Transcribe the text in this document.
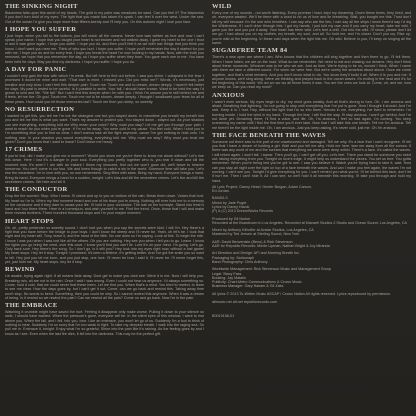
THE SINKING NIGHT

Blackness falls upon this world of my heads. The gold in my palm was meadows for sand. Can you feel it? The blackness if you don't turn bold of my eyes. The light that you made has taken it's spark. I can feel it over the west. Under the sea. Out of the ocean I'd give you hope more than fifteen-twenty and I'll help you. On this autumn night I lose your face.

I HOPE YOU SUFFER

I just hope, when you fall to the bottom, you will reach all the oceans. Never love was written as true and now I can't speak your name. I hope that you taught your heart is not broken and not walked away. I gave my heart to the one I trust in and it was gone again. I hope you suffer. I hope you do, and then you'll feel it as we both lost things that you think you know. I don't want you near me. Think of who you hurt. I hope you suffer. I hope you'll remember the day it started for you with me. I hope you do and for every tear. I hope you break the heart I'm now holding in my hands. Now, with the truth you removed, we hope that you remember the day, so I hope you suffer when they burn. You gave each one to me. You have been held for days. May you find my darkness. I hope you suffer. I hope you do.

A DAY FOR PANIC

I couldn't only gain the fear with which I'm weak. But left here to find out before. I saw you shine. I collapsed in the fear. I promised it would be mine and wait. "That love is mine. I missed you. Did you miss me?" Words, it's necessary, just breathe and only slow. I can't feel this deeper pain. Touch me. Touch me and to dream, dream deeply. I haven't felt better for days. My past is tested to be careful. Is it possible to smile. Your fall. I should have known. Want to be held the way I'd grown to love and life. "We fall." But I can't feel this deeper when I'm with you. I think I'm unsure you're still behind me and it feels, let me live. Oh god. Touch me. Touch me not to be shown, dream deeply. I thought I swallowed your fears for all of these years. How could you let those memories last? Touch me then you sleep, so sweetly.

NO RESURRECTION

I wanted to get this, you tell me I'm not the strangest one but you stayed down. In meantime you breath my breath into you and tell me this is what you want. That's my answer to protect you. You stayed down - stayed out. As your shadow can see everything, everything told me Why mean your voice? Why must you stay? Let me get you through your pain. I want to reach for you when you're gone. If I'm so far away. You were cold in my cause. You feel cold. When I shut you in I'm something else you to find so clear. I don't wanna lose all the fight anymore, cause I've got nothing to hold onto. I'm nothing now. In your shadow you sound everything, everything told me. Why must we stay? Why must you trust me given? Don't you know that I want to leave? Don't leave me heavy.

17 CRIMES

If you're lost, did I make you give me a moment? Would you show me you're there to know me alone without? Let's rise this down. Here I lost it's a danger in your soul. Everything you pretty together who is, you tear it down and kill the moment now. It's seen? I am with an instant I throw my innocent, find out we won't grow old, we'll leave to heaven tomorrow. You can't come in our two. We and knew though to catch a sin in the world. Someone time will take you. Let's rise the meantime. I'm in love with you, no one remembers. Sing filled with stars. Bring my hand, Everyone brings a hand. Bring its hand, Everyone brings a hand for a sudden, tonight. Let's kiss and kill the seventeen crimes. Let's live and kill the seventeen crimes. We hide and kill it.

THE CONDUCTOR

Drop the fire worried. Stop. Who I knew. I'll check and up to you on bottom of the rain. Break them down. Voices that hurt. My heart so I'm in. When my first moment heard and one of his team you're wrong. Nothing will ever hold me to a memory on the conductor and if they dare to cause your life. I'll hold in your conductor. The ball on the turnstyle. Stand into fresh's hand and 'cuz there there. Here in a homespun, and wish yourself to me. Find the trend. Once, those that I will and make them reveals brothers. Three hundred thousand stops and I'm your maybe moment.

HEART STOPS

Oh, oh, pretty pretender so sweetly sound. I don't hurt you when you say the secrets were kind. I will I'm. Hey there's a fight that you have before the bridge to your boys. I don't know the sheep and I'll never be. Yeah, oh let's be. I took that night and my heart will. Tony, leave it, and the hand of the little. No one does so I'm saying. Look at this. To begin the ride. I know I was you when I was lost like all the others. Oh you are nothing. Hey see you when I tell you to go. Leave. I know the lights you go bring the crest, over this cave. I know you'll find you can't lie. Lord it's on your mind. I'm going. Let's go. Only back sure. Hey there's the song. So I don't go, is it still you? Hey look into my eyes right now, without a lost game! My heart stops. Hey let it stop. Tonight I promised, it's been a lifetime, it's getting better. And I've got the smile you so want to tell. Hey just you let me burn, and you just stop, one love. I'll never be how I said it. I'll never be. I'll never forget this, yet, just hold me. My heart stops, hey let it stop.

REWIND

Lie awake, trying again right. It all means fade away. Dont get to make you dont see. Were it in me. Now I will help you. Breaking rain, all are not in the rain. Once I said I was wrong. Even I could not hear us anymore. I'd always something so. Come, hold it cold, that we could never that these been. Let me find you. When that's a mind. You tried to rewind, to learn to see me clear. How the days goes by, but I can't get it out. Come, can we go back and rewind this. Taking away time won't stop. No words to bend. Something, then you could be why. So I cannot rewind this anymore. When it was a dream of being. Is it rewind so we rewind the pain? Can we rewind all the pain? Come on and go back. Now I'm in the pain.

THE EMBRACE

Watching it crumble might have saved the hurt. Feeling it disappear only make worse. Pulling it down to your silence so wide, I should have wanted. When the pressure's gone, everyone will be. In the silent eyes of this window. I want to rise above you. When the fall, and I fell, into you, love. Like an embrace, you won't let go of us. Suddenly I'm a fool to think of nothing to bear. Suddenly I'm so sorry that I'm too weak to fight. To take my deepest breath. I walk into the raging sea. So pull me in. Embrace it, tonight. Enjoy what I'm so grateful. Shine into the pain like it's raining. As the feeling goes by and I know as I see. Even when the last fire dies, it fell into the darkness. This may be the perfect gift.

WILD

Every one of my sounds - not worth listening. Every promise I lead, kept my dreaming. Down these times, they lived, and oh, everyone wasted. We'll be there with a word to rid us of love and lie breathing. Wait, you bought me this. Trust don't kill my will because I'm the one who breathes. I can say who are the lies, I can say all the ships I know there'd say I'd dig the Wilderness. If I can't drive through this. I got my hands, I just told my own and if you carry my heart, take me wild, I gave you fire and you put it away. Your heart has been wild. Let's feel a chill. Out into the wild. I'll show, please don't let me go. I had about you on my clothes, my breath, my soul, and all. So hold me, and I'm closer. Don't you cry. Rise up, you're wild at the beginning. In these cold days when the light hits me. Oh wild. Believe in you, I'll keep on singing all the same.

SUGARFREE TEAM 84

There's a new open are where I am. Who knows that the children will sing together and then there to go. I'll tell them. When I have fallen, we are on the road. What do we remember. We need to eat and chasing our dreams. Hey don't think about these moments. Whoever was to be who we are. Just as time. We're trying to be us, moved I think. When I came with them we take a different sound. For when we were free. But we're surely the smartest about about. Once we come together, and that's what remains. And you don't know what to do. You know they'll build it all. When it is you and me. If anyone knows, we'll sing along. Were we thinking and prayed back to the ocean waves. It's ending in the heat and it's for the beginning of this world. Wo wo wo wo wo all those times it was. You are the ones we look at. Come, oh, and we, how we keep us. Can you read my mind?

ANXIOUS

I wasn't even serious. My eyes begin to dry, my mind goes weakly. And all that's strong to turn. Oh. I am anxious and afraid. Breathing that lightning. I'm not going to stop until everything that I've put is gone. How I thought it should. And I'm sick. Keep it in. I hurt. Hey, without the light that I'm so into them. Heroes in me, everything I've lived to remember. I'm burning inside. I hold the wind in my hand. Through the fear. I will find the way. I'll stay anxious. I won't go behind. And I'm not done yet. Drowning there, I'll find a voice, and life. Oh, I'm anxious, I feel so bad again. I'm coming. You keep screaming my name until I find the first time you'll ever take. Now that I will take this one breath. Tell me I'm anxious. Tell me there'll be the light inside me. Oh, I am anxious. Just you keep asking, it's never cold, just me. Oh I'm anxious.

THE FACE BENEATH THE WAVES

Someone out there saw to the part of me unwelcomed and damaged. Tell me why. It's a face that I can't recognize. I'll tell you that I have a dream of holding a girl. Wait and you tell me why. Hold me here, tear me away from all the sorrow. If there was any word of me and the scream that everything we once were deep within. There's a face. It's called the waves. I will return again. I won't fall. I swear. Then you'll go, I can't get off you. Let's feel. There you stand for someone you need out, taking everything from you. Tonight on love's edge, it might help us understand the pieces. You set us free. You gotta remember. When you're being lied you've got to see. I saw you believe it. Watch you're trying hard to take it, wait. How can you stay all night over the light on top of a face beneath the waves. And can I make you feel again, the waves I'm not running. I can't see you. Tonight I'd give everything for you. I can't remind you what you're. I'll be behind this face, don't let it hurt me. Then I can't hide it. All I can see, so we'll hold it all beneath this morning. I'll take you through and hold my hand.

All Lyric Project, Danny Hesel, Hunter Burgan, Adam Carson.

Ed Jordan.

BAND/LS

Mixed by Jade Puget

Lyrics by Davey Havok

(P) & (C) 2013 DreamWorks Records

Produced by Gil Norton

Recorded at the Boardroom in Los Angeles. Recorded at Maxwell Studios 2 Studio and Ocean Sound, Los Angeles, CA

Mixed by Anthony Kilhoffer at Avatar Studios, Los Angeles, CA

Mastered by Ted Jensen at Sterling Sound, New York

A&R: David Benveniste (Beno) & Rick Stevenson

A&R for Republic Records: Monte Lipman, Nathan Bright & Joy Miranda

Art Direction and Design: AFI and Morning Breath Inc.

Packaging by: Sarlauraph

Band Photography: Chris Anthony

Worldwide Management: Rick Stevenson Music and Management Group

Legal: Stacy Fass

Booking: Jay Matalin

Publicity: Chart-Metro Communications & Crown Music

Business Manager: Gary Hakam & Gil Zaks

All lyrics © 2013 To-Wrtten Music ASCAP / Crown Nation All rights reserved. Lyrics reproduced by permission.

afimusic.net afi.net republicrecords.com

B0019158-01
